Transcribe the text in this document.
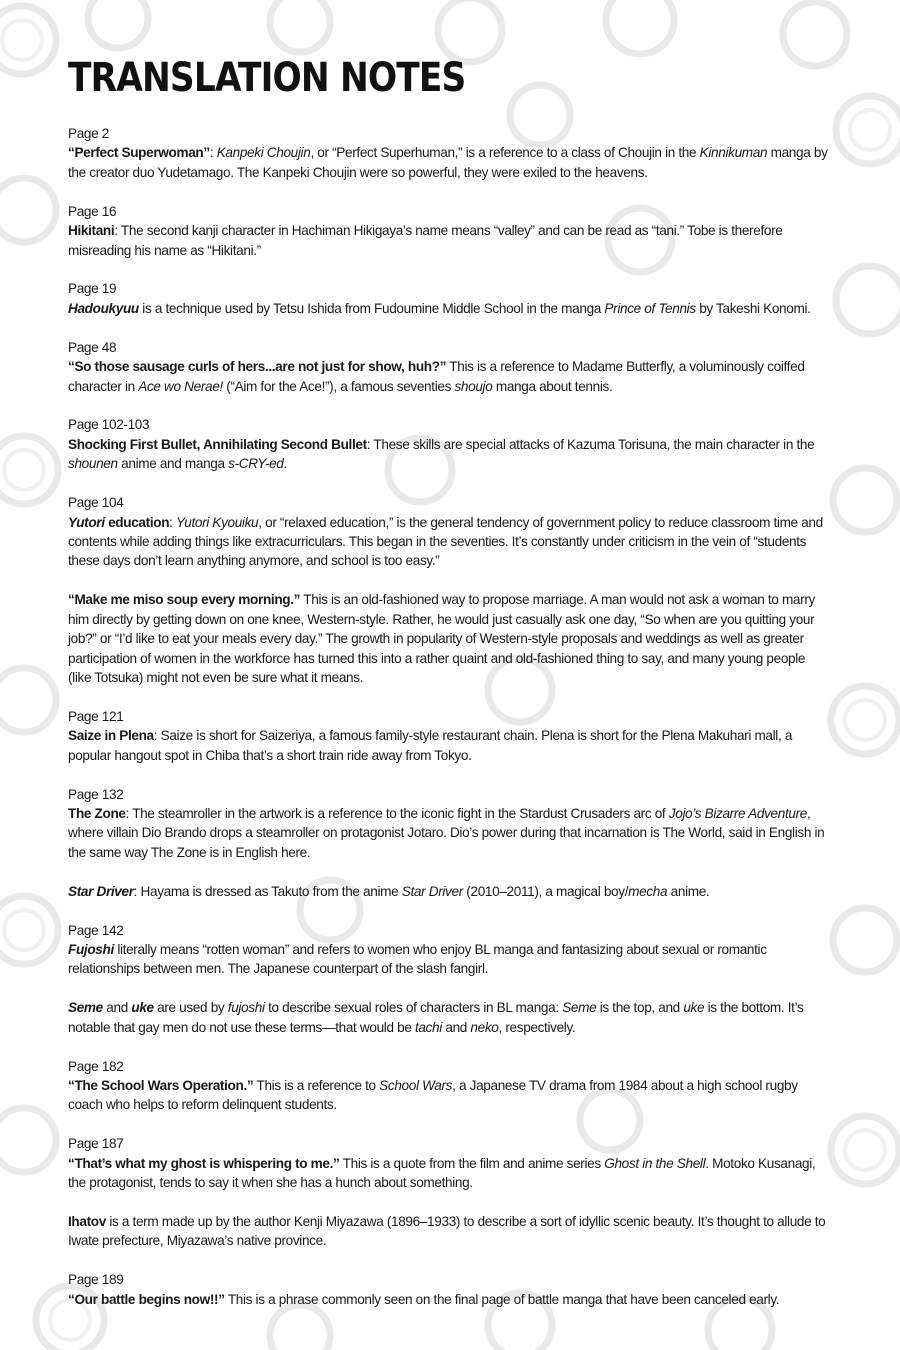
TRANSLATION NOTES
Page 2
“Perfect Superwoman”: Kanpeki Choujin, or “Perfect Superhuman,” is a reference to a class of Choujin in the Kinnikuman manga by the creator duo Yudetamago. The Kanpeki Choujin were so powerful, they were exiled to the heavens.
Page 16
Hikitani: The second kanji character in Hachiman Hikigaya’s name means “valley” and can be read as “tani.” Tobe is therefore misreading his name as “Hikitani.”
Page 19
Hadoukyuu is a technique used by Tetsu Ishida from Fudoumine Middle School in the manga Prince of Tennis by Takeshi Konomi.
Page 48
“So those sausage curls of hers...are not just for show, huh?” This is a reference to Madame Butterfly, a voluminously coiffed character in Ace wo Nerae! (“Aim for the Ace!”), a famous seventies shoujo manga about tennis.
Page 102-103
Shocking First Bullet, Annihilating Second Bullet: These skills are special attacks of Kazuma Torisuna, the main character in the shounen anime and manga s-CRY-ed.
Page 104
Yutori education: Yutori Kyouiku, or “relaxed education,” is the general tendency of government policy to reduce classroom time and contents while adding things like extracurriculars. This began in the seventies. It’s constantly under criticism in the vein of “students these days don’t learn anything anymore, and school is too easy.”
“Make me miso soup every morning.” This is an old-fashioned way to propose marriage. A man would not ask a woman to marry him directly by getting down on one knee, Western-style. Rather, he would just casually ask one day, “So when are you quitting your job?” or “I’d like to eat your meals every day.” The growth in popularity of Western-style proposals and weddings as well as greater participation of women in the workforce has turned this into a rather quaint and old-fashioned thing to say, and many young people (like Totsuka) might not even be sure what it means.
Page 121
Saize in Plena: Saize is short for Saizeriya, a famous family-style restaurant chain. Plena is short for the Plena Makuhari mall, a popular hangout spot in Chiba that’s a short train ride away from Tokyo.
Page 132
The Zone: The steamroller in the artwork is a reference to the iconic fight in the Stardust Crusaders arc of Jojo’s Bizarre Adventure, where villain Dio Brando drops a steamroller on protagonist Jotaro. Dio’s power during that incarnation is The World, said in English in the same way The Zone is in English here.
Star Driver: Hayama is dressed as Takuto from the anime Star Driver (2010–2011), a magical boy/mecha anime.
Page 142
Fujoshi literally means “rotten woman” and refers to women who enjoy BL manga and fantasizing about sexual or romantic relationships between men. The Japanese counterpart of the slash fangirl.
Seme and uke are used by fujoshi to describe sexual roles of characters in BL manga: Seme is the top, and uke is the bottom. It’s notable that gay men do not use these terms—that would be tachi and neko, respectively.
Page 182
“The School Wars Operation.” This is a reference to School Wars, a Japanese TV drama from 1984 about a high school rugby coach who helps to reform delinquent students.
Page 187
“That’s what my ghost is whispering to me.” This is a quote from the film and anime series Ghost in the Shell. Motoko Kusanagi, the protagonist, tends to say it when she has a hunch about something.
Ihatov is a term made up by the author Kenji Miyazawa (1896–1933) to describe a sort of idyllic scenic beauty. It’s thought to allude to Iwate prefecture, Miyazawa’s native province.
Page 189
“Our battle begins now!!” This is a phrase commonly seen on the final page of battle manga that have been canceled early.
